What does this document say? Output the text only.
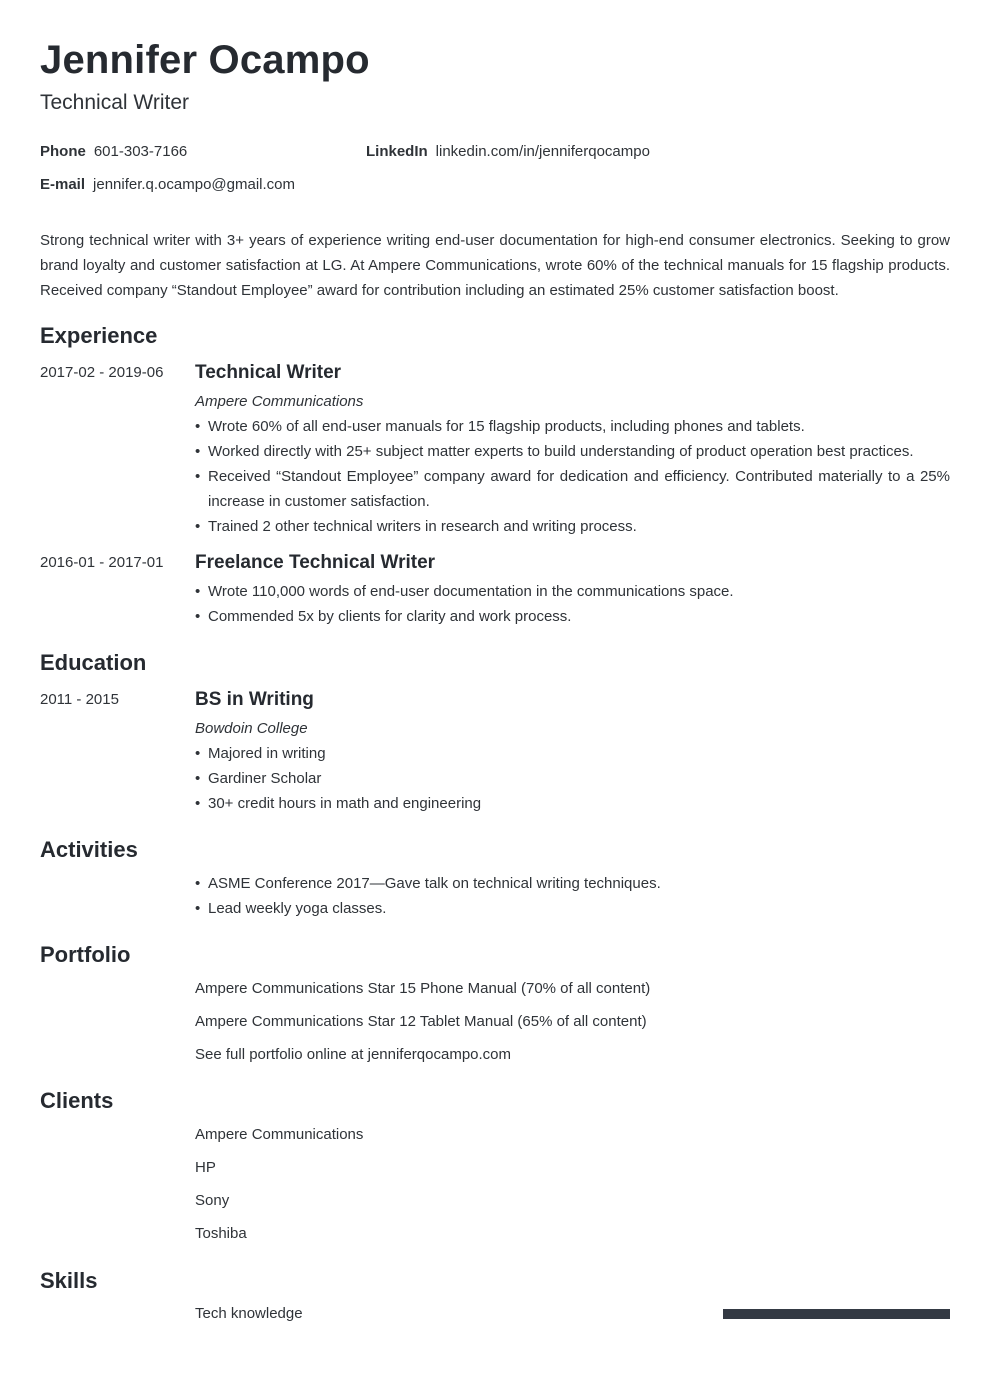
Jennifer Ocampo
Technical Writer
Phone 601-303-7166	LinkedIn linkedin.com/in/jenniferqocampo
E-mail jennifer.q.ocampo@gmail.com
Strong technical writer with 3+ years of experience writing end-user documentation for high-end consumer electronics. Seeking to grow brand loyalty and customer satisfaction at LG. At Ampere Communications, wrote 60% of the technical manuals for 15 flagship products. Received company “Standout Employee” award for contribution including an estimated 25% customer satisfaction boost.
Experience
2017-02 - 2019-06 Technical Writer
Ampere Communications
• Wrote 60% of all end-user manuals for 15 flagship products, including phones and tablets.
• Worked directly with 25+ subject matter experts to build understanding of product operation best practices.
• Received “Standout Employee” company award for dedication and efficiency. Contributed materially to a 25% increase in customer satisfaction.
• Trained 2 other technical writers in research and writing process.
2016-01 - 2017-01 Freelance Technical Writer
• Wrote 110,000 words of end-user documentation in the communications space.
• Commended 5x by clients for clarity and work process.
Education
2011 - 2015	BS in Writing
Bowdoin College
• Majored in writing
• Gardiner Scholar
• 30+ credit hours in math and engineering
Activities
• ASME Conference 2017—Gave talk on technical writing techniques.
• Lead weekly yoga classes.
Portfolio
Ampere Communications Star 15 Phone Manual (70% of all content)
Ampere Communications Star 12 Tablet Manual (65% of all content)
See full portfolio online at jenniferqocampo.com
Clients
Ampere Communications
HP
Sony
Toshiba
Skills
Tech knowledge
